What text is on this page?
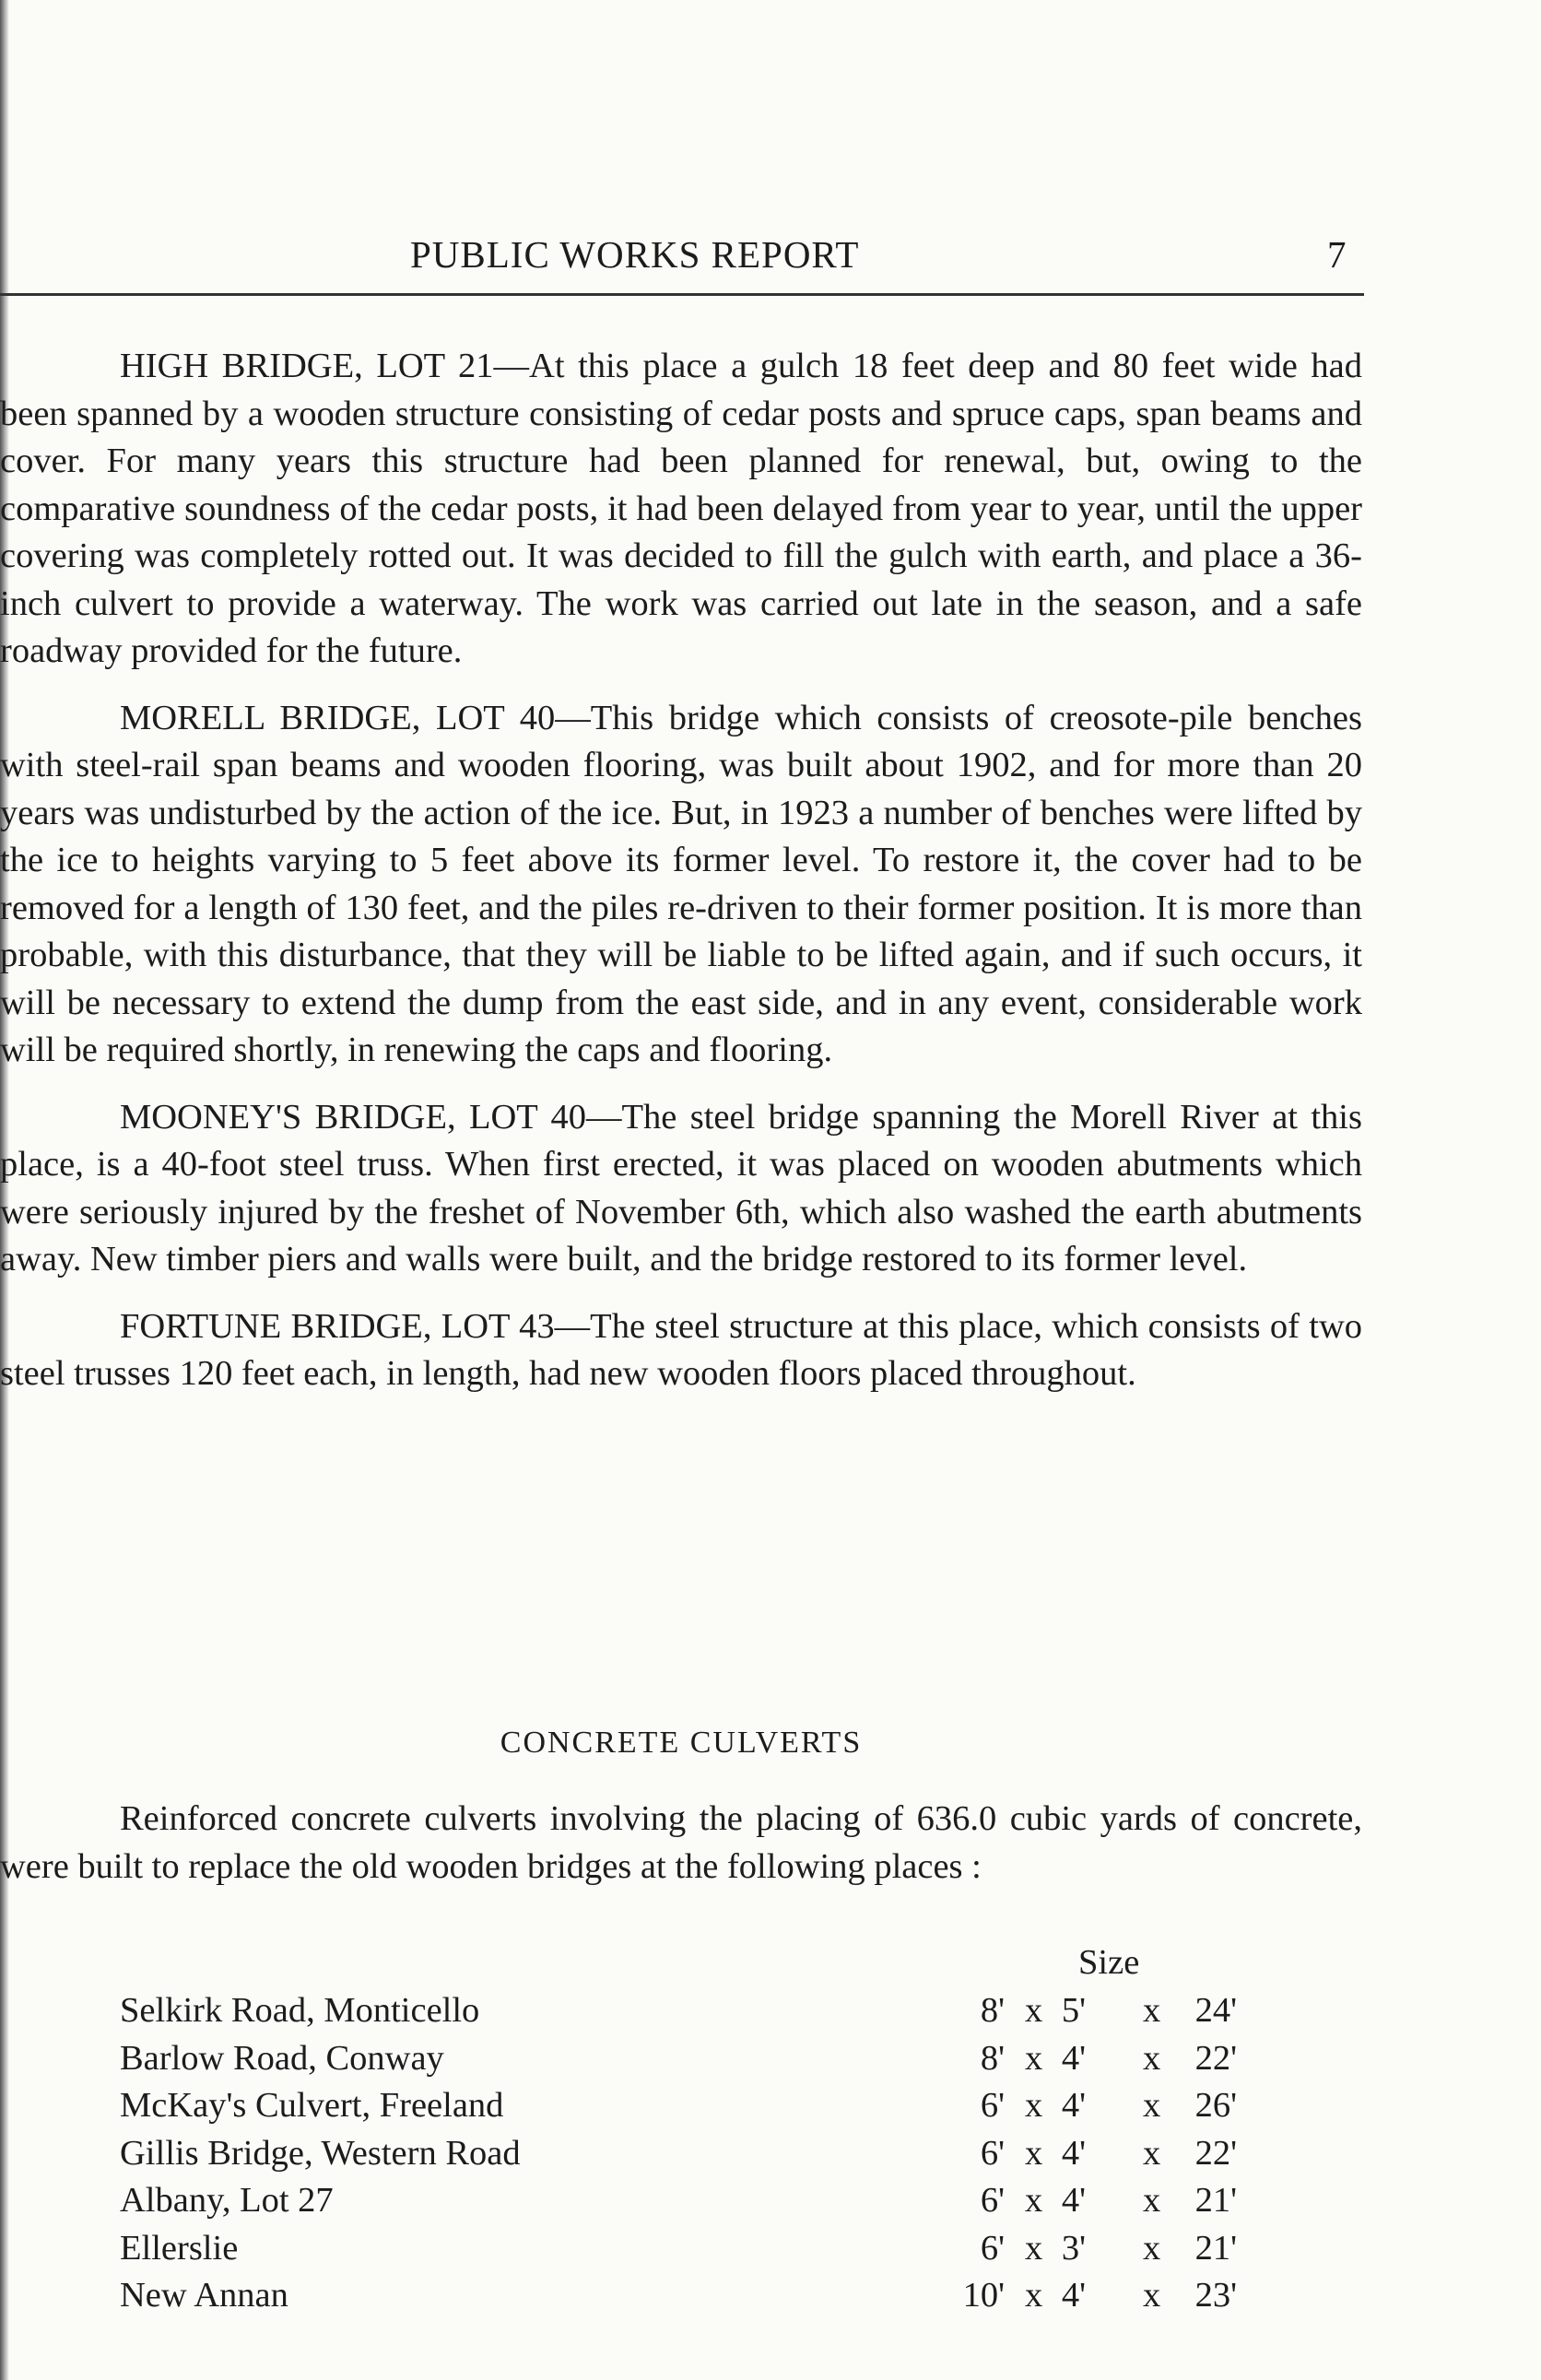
PUBLIC WORKS REPORT	7

HIGH BRIDGE, LOT 21—At this place a gulch 18 feet deep and 80 feet wide had been spanned by a wooden structure consisting of cedar posts and spruce caps, span beams and cover. For many years this structure had been planned for renewal, but, owing to the comparative soundness of the cedar posts, it had been delayed from year to year, until the upper covering was completely rotted out. It was decided to fill the gulch with earth, and place a 36-inch culvert to provide a waterway. The work was carried out late in the season, and a safe roadway provided for the future.

MORELL BRIDGE, LOT 40—This bridge which consists of creosote-pile benches with steel-rail span beams and wooden flooring, was built about 1902, and for more than 20 years was undisturbed by the action of the ice. But, in 1923 a number of benches were lifted by the ice to heights varying to 5 feet above its former level. To restore it, the cover had to be removed for a length of 130 feet, and the piles re-driven to their former position. It is more than probable, with this disturbance, that they will be liable to be lifted again, and if such occurs, it will be necessary to extend the dump from the east side, and in any event, considerable work will be required shortly, in renewing the caps and flooring.

MOONEY'S BRIDGE, LOT 40—The steel bridge spanning the Morell River at this place, is a 40-foot steel truss. When first erected, it was placed on wooden abutments which were seriously injured by the freshet of November 6th, which also washed the earth abutments away. New timber piers and walls were built, and the bridge restored to its former level.

FORTUNE BRIDGE, LOT 43—The steel structure at this place, which consists of two steel trusses 120 feet each, in length, had new wooden floors placed throughout.

CONCRETE CULVERTS

Reinforced concrete culverts involving the placing of 636.0 cubic yards of concrete, were built to replace the old wooden bridges at the following places :

Size
Selkirk Road, Monticello	8' x 5' x 24'
Barlow Road, Conway	8' x 4' x 22'
McKay's Culvert, Freeland	6' x 4' x 26'
Gillis Bridge, Western Road	6' x 4' x 22'
Albany, Lot 27	6' x 4' x 21'
Ellerslie	6' x 3' x 21'
New Annan	10' x 4' x 23'
